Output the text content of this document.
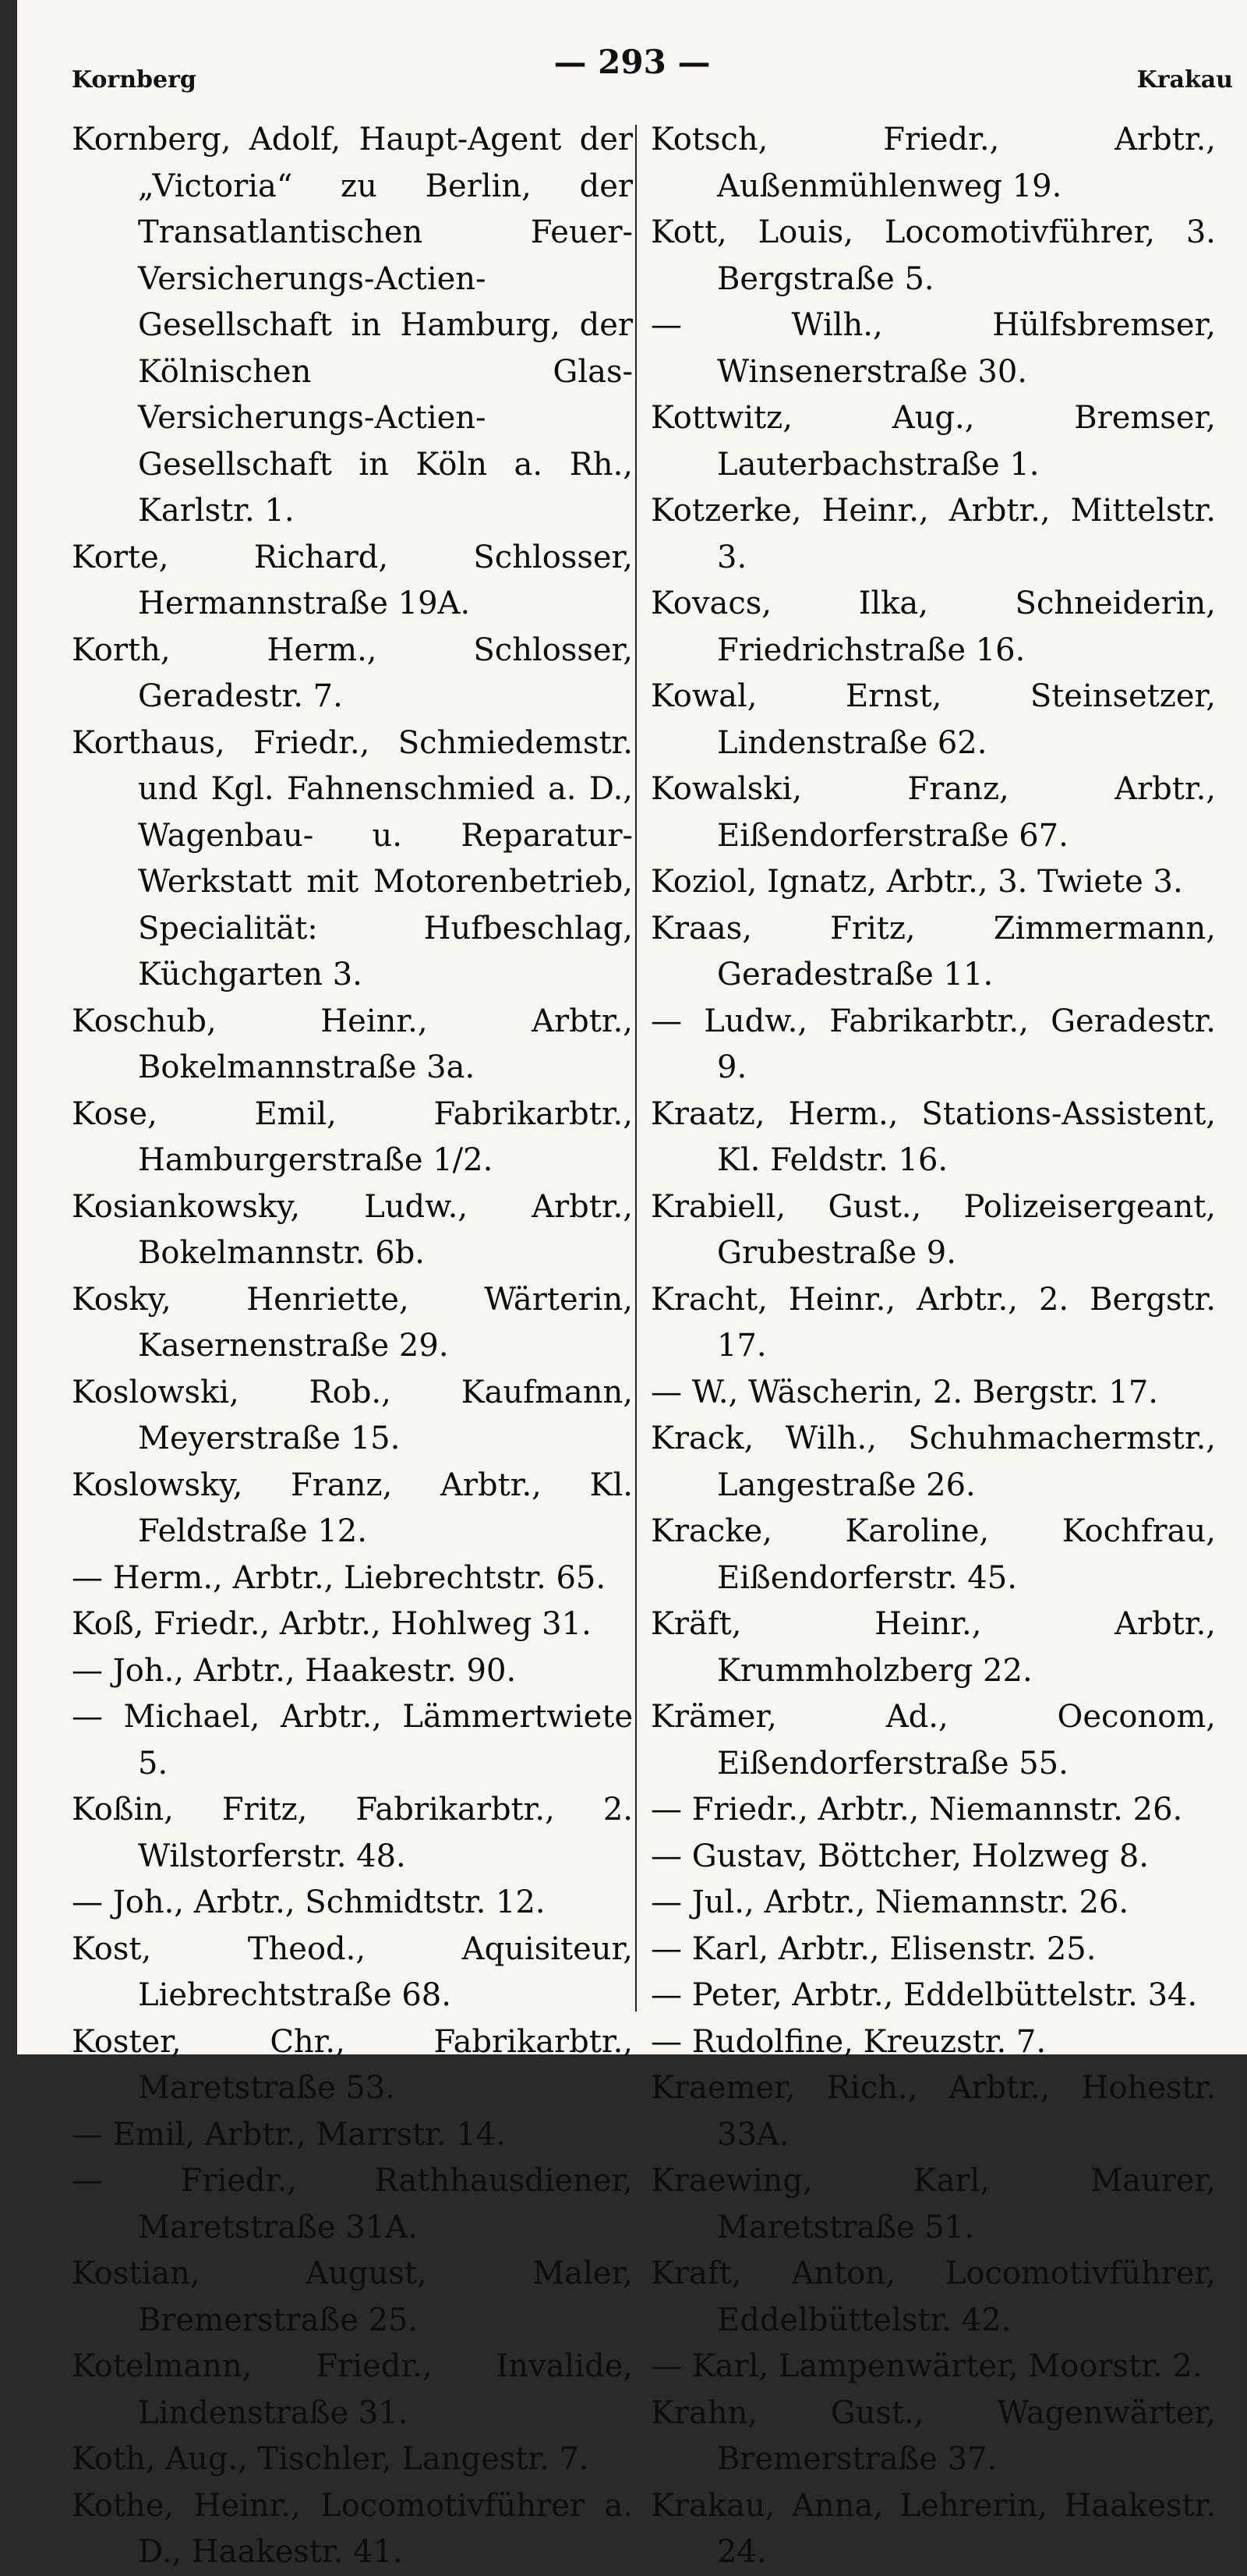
Kornberg	— 293 —	Krakau

Kornberg, Adolf, Haupt-Agent der „Victoria“ zu Berlin, der Transatlantischen Feuer-Versicherungs-Actien-Gesellschaft in Hamburg, der Kölnischen Glas-Versicherungs-Actien-Gesellschaft in Köln a. Rh., Karlstr. 1.

Korte, Richard, Schlosser, Hermannstraße 19A.

Korth, Herm., Schlosser, Geradestr. 7.

Korthaus, Friedr., Schmiedemstr. und Kgl. Fahnenschmied a. D., Wagenbau- u. Reparatur-Werkstatt mit Motorenbetrieb, Specialität: Hufbeschlag, Küchgarten 3.

Koschub, Heinr., Arbtr., Bokelmannstraße 3a.

Kose, Emil, Fabrikarbtr., Hamburgerstraße 1/2.

Kosiankowsky, Ludw., Arbtr., Bokelmannstr. 6b.

Kosky, Henriette, Wärterin, Kasernenstraße 29.

Koslowski, Rob., Kaufmann, Meyerstraße 15.

Koslowsky, Franz, Arbtr., Kl. Feldstraße 12.

— Herm., Arbtr., Liebrechtstr. 65.

Koß, Friedr., Arbtr., Hohlweg 31.

— Joh., Arbtr., Haakestr. 90.

— Michael, Arbtr., Lämmertwiete 5.

Koßin, Fritz, Fabrikarbtr., 2. Wilstorferstr. 48.

— Joh., Arbtr., Schmidtstr. 12.

Kost, Theod., Aquisiteur, Liebrechtstraße 68.

Koster, Chr., Fabrikarbtr., Maretstraße 53.

— Emil, Arbtr., Marrstr. 14.

— Friedr., Rathhausdiener, Maretstraße 31A.

Kostian, August, Maler, Bremerstraße 25.

Kotelmann, Friedr., Invalide, Lindenstraße 31.

Koth, Aug., Tischler, Langestr. 7.

Kothe, Heinr., Locomotivführer a. D., Haakestr. 41.

Kotsch, Friedr., Arbtr., Außenmühlenweg 19.

Kott, Louis, Locomotivführer, 3. Bergstraße 5.

— Wilh., Hülfsbremser, Winsenerstraße 30.

Kottwitz, Aug., Bremser, Lauterbachstraße 1.

Kotzerke, Heinr., Arbtr., Mittelstr. 3.

Kovacs, Ilka, Schneiderin, Friedrichstraße 16.

Kowal, Ernst, Steinsetzer, Lindenstraße 62.

Kowalski, Franz, Arbtr., Eißendorferstraße 67.

Koziol, Ignatz, Arbtr., 3. Twiete 3.

Kraas, Fritz, Zimmermann, Geradestraße 11.

— Ludw., Fabrikarbtr., Geradestr. 9.

Kraatz, Herm., Stations-Assistent, Kl. Feldstr. 16.

Krabiell, Gust., Polizeisergeant, Grubestraße 9.

Kracht, Heinr., Arbtr., 2. Bergstr. 17.

— W., Wäscherin, 2. Bergstr. 17.

Krack, Wilh., Schuhmachermstr., Langestraße 26.

Kracke, Karoline, Kochfrau, Eißendorferstr. 45.

Kräft, Heinr., Arbtr., Krummholzberg 22.

Krämer, Ad., Oeconom, Eißendorferstraße 55.

— Friedr., Arbtr., Niemannstr. 26.

— Gustav, Böttcher, Holzweg 8.

— Jul., Arbtr., Niemannstr. 26.

— Karl, Arbtr., Elisenstr. 25.

— Peter, Arbtr., Eddelbüttelstr. 34.

— Rudolfine, Kreuzstr. 7.

Kraemer, Rich., Arbtr., Hohestr. 33A.

Kraewing, Karl, Maurer, Maretstraße 51.

Kraft, Anton, Locomotivführer, Eddelbüttelstr. 42.

— Karl, Lampenwärter, Moorstr. 2.

Krahn, Gust., Wagenwärter, Bremerstraße 37.

Krakau, Anna, Lehrerin, Haakestr. 24.
